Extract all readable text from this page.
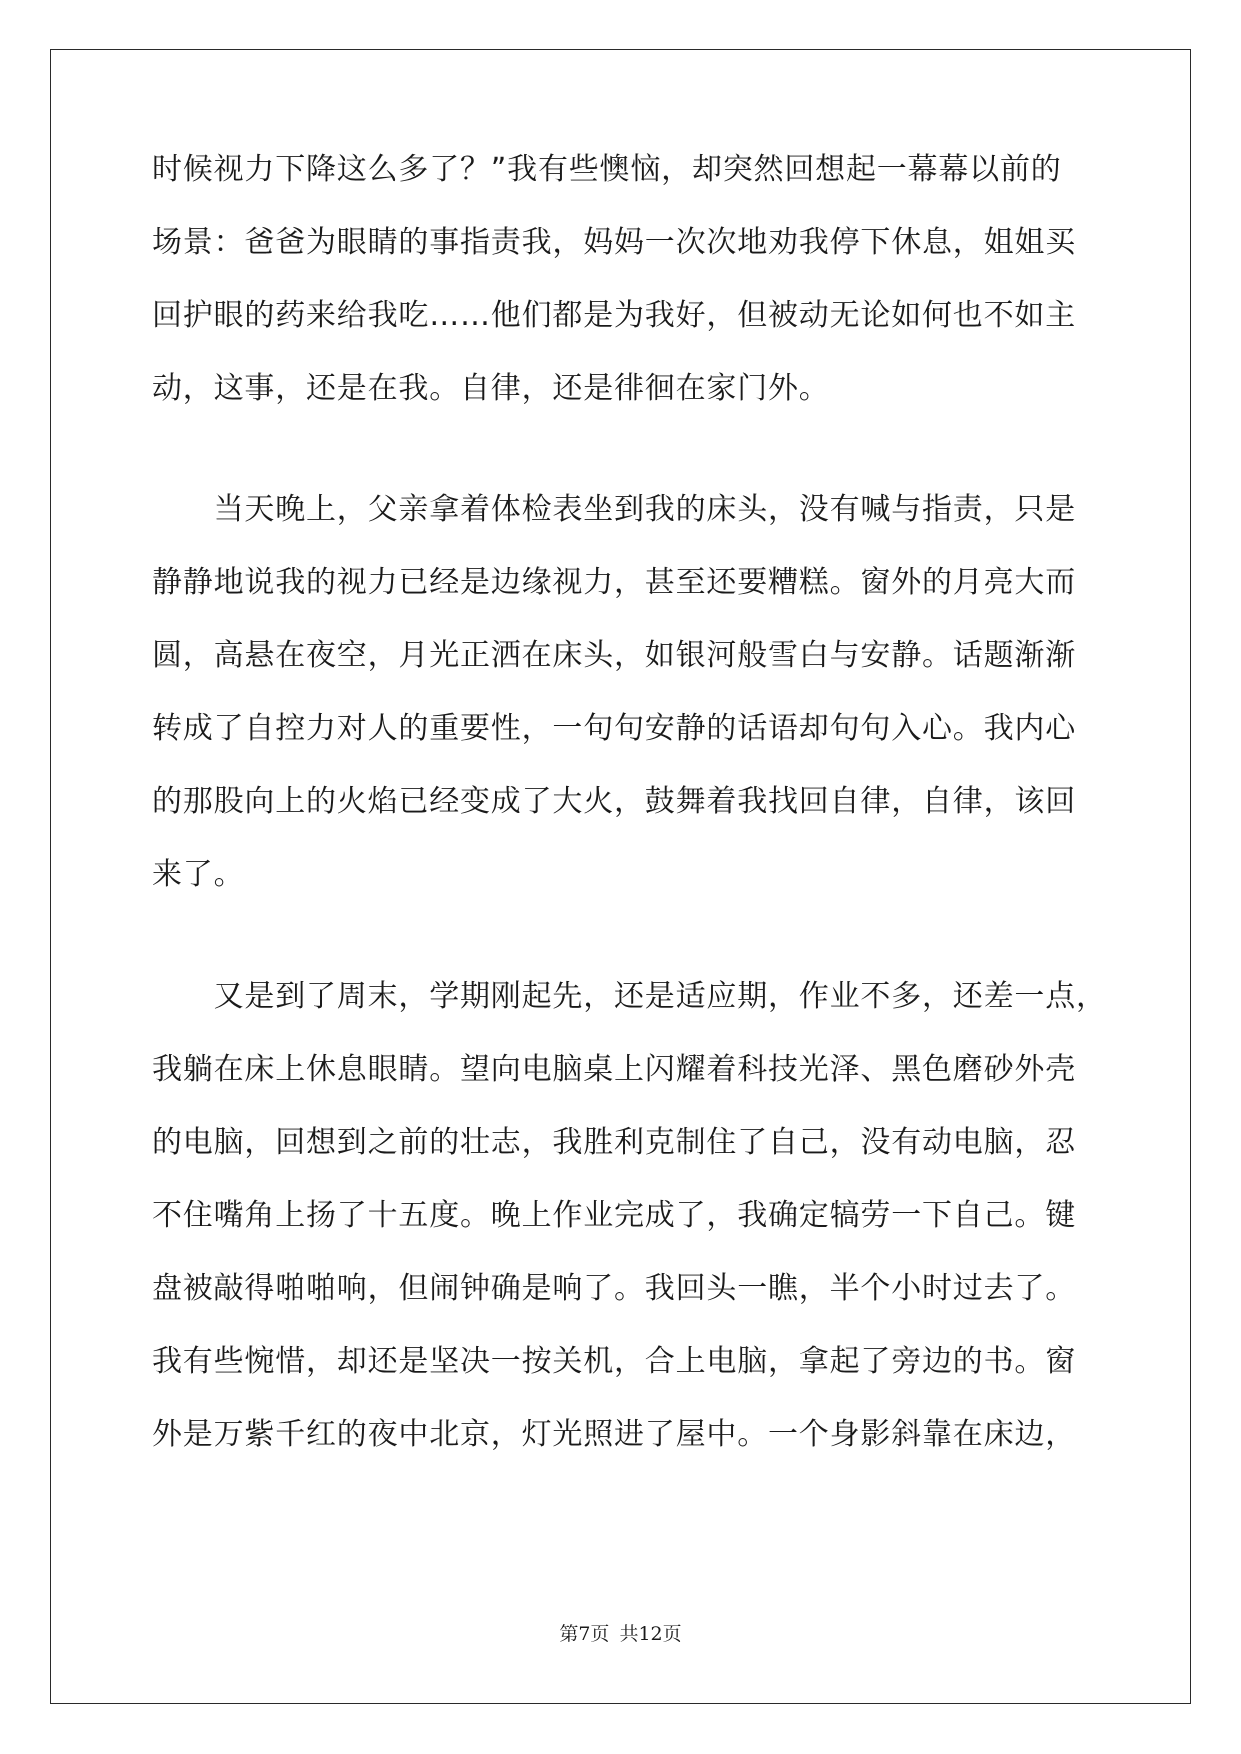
时候视力下降这么多了？”我有些懊恼，却突然回想起一幕幕以前的
场景：爸爸为眼睛的事指责我，妈妈一次次地劝我停下休息，姐姐买
回护眼的药来给我吃……他们都是为我好，但被动无论如何也不如主
动，这事，还是在我。自律，还是徘徊在家门外。
　　当天晚上，父亲拿着体检表坐到我的床头，没有喊与指责，只是
静静地说我的视力已经是边缘视力，甚至还要糟糕。窗外的月亮大而
圆，高悬在夜空，月光正洒在床头，如银河般雪白与安静。话题渐渐
转成了自控力对人的重要性，一句句安静的话语却句句入心。我内心
的那股向上的火焰已经变成了大火，鼓舞着我找回自律，自律，该回
来了。
　　又是到了周末，学期刚起先，还是适应期，作业不多，还差一点，
我躺在床上休息眼睛。望向电脑桌上闪耀着科技光泽、黑色磨砂外壳
的电脑，回想到之前的壮志，我胜利克制住了自己，没有动电脑，忍
不住嘴角上扬了十五度。晚上作业完成了，我确定犒劳一下自己。键
盘被敲得啪啪响，但闹钟确是响了。我回头一瞧，半个小时过去了。
我有些惋惜，却还是坚决一按关机，合上电脑，拿起了旁边的书。窗
外是万紫千红的夜中北京，灯光照进了屋中。一个身影斜靠在床边，
第7页 共12页
